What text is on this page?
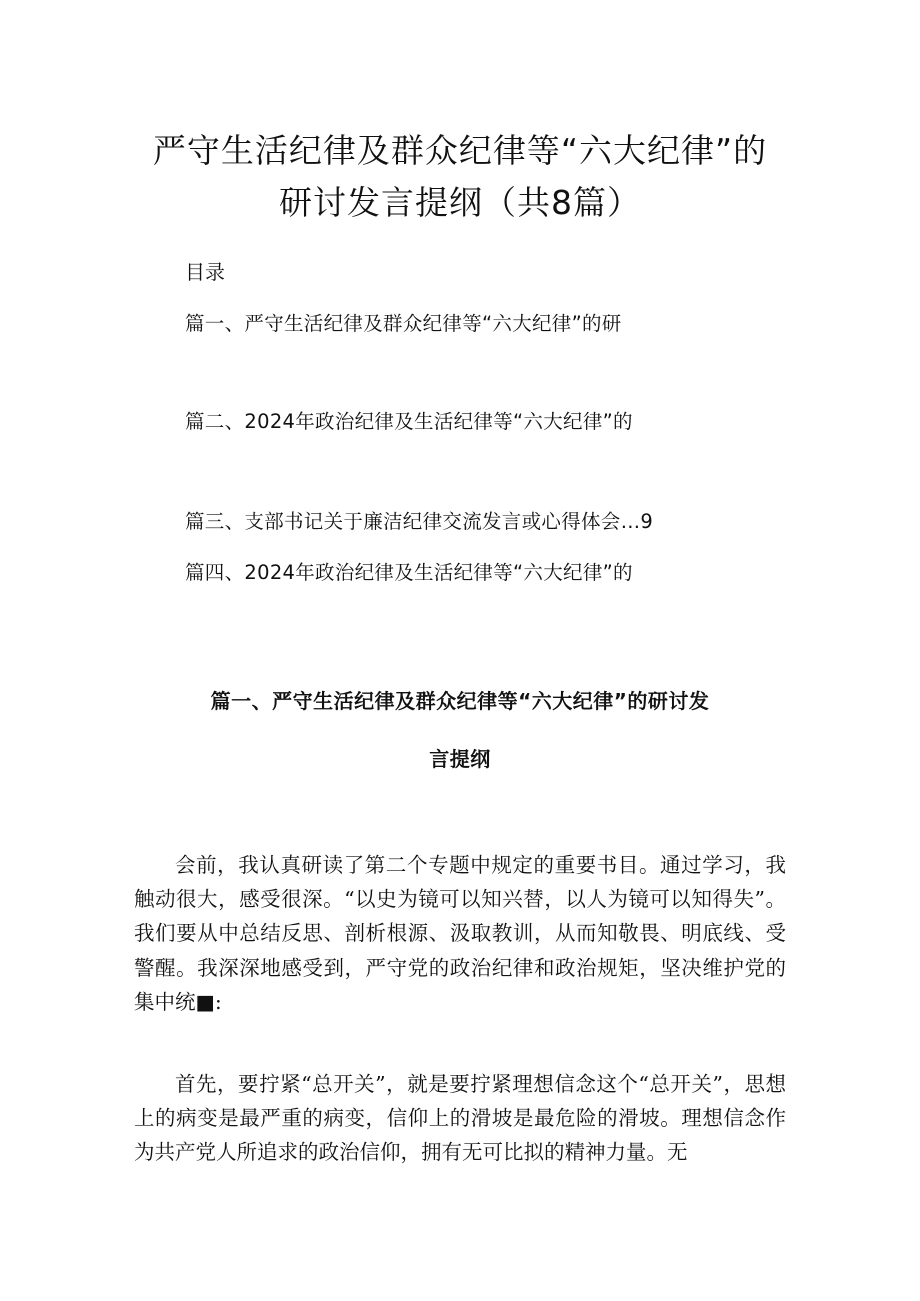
严守生活纪律及群众纪律等“六大纪律”的
研讨发言提纲（共8篇）
目录
篇一、严守生活纪律及群众纪律等“六大纪律”的研
篇二、2024年政治纪律及生活纪律等“六大纪律”的
篇三、支部书记关于廉洁纪律交流发言或心得体会…9
篇四、2024年政治纪律及生活纪律等“六大纪律”的
篇一、严守生活纪律及群众纪律等“六大纪律”的研讨发
言提纲

会前，我认真研读了第二个专题中规定的重要书目。通过学习，我触动很大，感受很深。“以史为镜可以知兴替，以人为镜可以知得失”。我们要从中总结反思、剖析根源、汲取教训，从而知敬畏、明底线、受警醒。我深深地感受到，严守党的政治纪律和政治规矩，坚决维护党的集中统■:

首先，要拧紧“总开关”，就是要拧紧理想信念这个“总开关”，思想上的病变是最严重的病变，信仰上的滑坡是最危险的滑坡。理想信念作为共产党人所追求的政治信仰，拥有无可比拟的精神力量。无
